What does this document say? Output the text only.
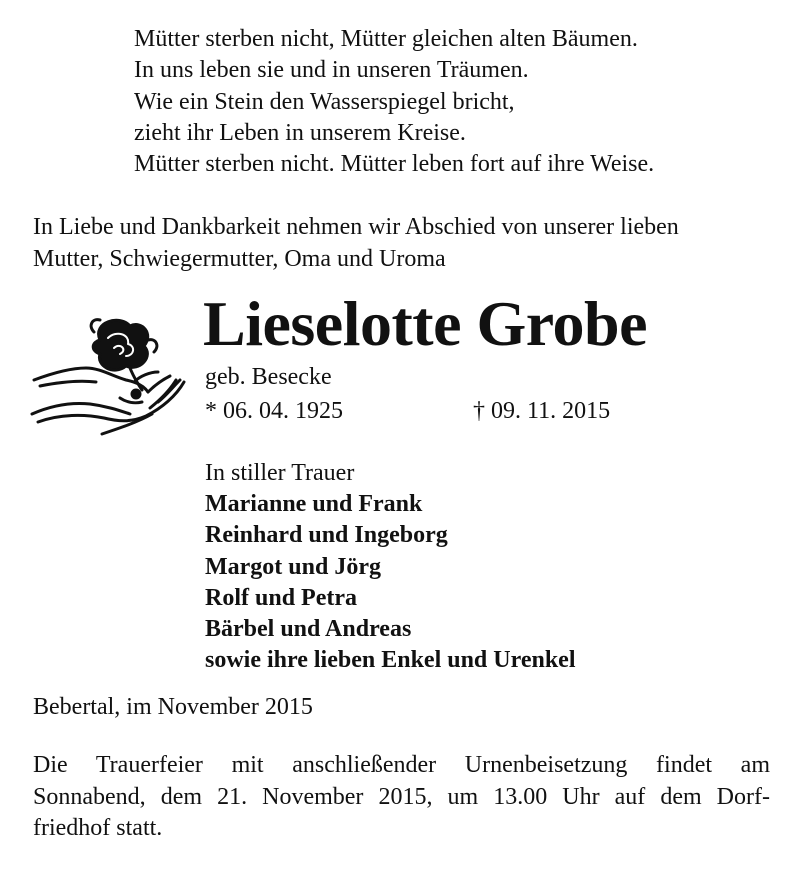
Mütter sterben nicht, Mütter gleichen alten Bäumen.
In uns leben sie und in unseren Träumen.
Wie ein Stein den Wasserspiegel bricht,
zieht ihr Leben in unserem Kreise.
Mütter sterben nicht. Mütter leben fort auf ihre Weise.
In Liebe und Dankbarkeit nehmen wir Abschied von unserer lieben
Mutter, Schwiegermutter, Oma und Uroma
Lieselotte Grobe
geb. Besecke
* 06. 04. 1925	† 09. 11. 2015
In stiller Trauer
Marianne und Frank
Reinhard und Ingeborg
Margot und Jörg
Rolf und Petra
Bärbel und Andreas
sowie ihre lieben Enkel und Urenkel
Bebertal, im November 2015
Die Trauerfeier mit anschließender Urnenbeisetzung findet am
Sonnabend, dem 21. November 2015, um 13.00 Uhr auf dem Dorf-
friedhof statt.
